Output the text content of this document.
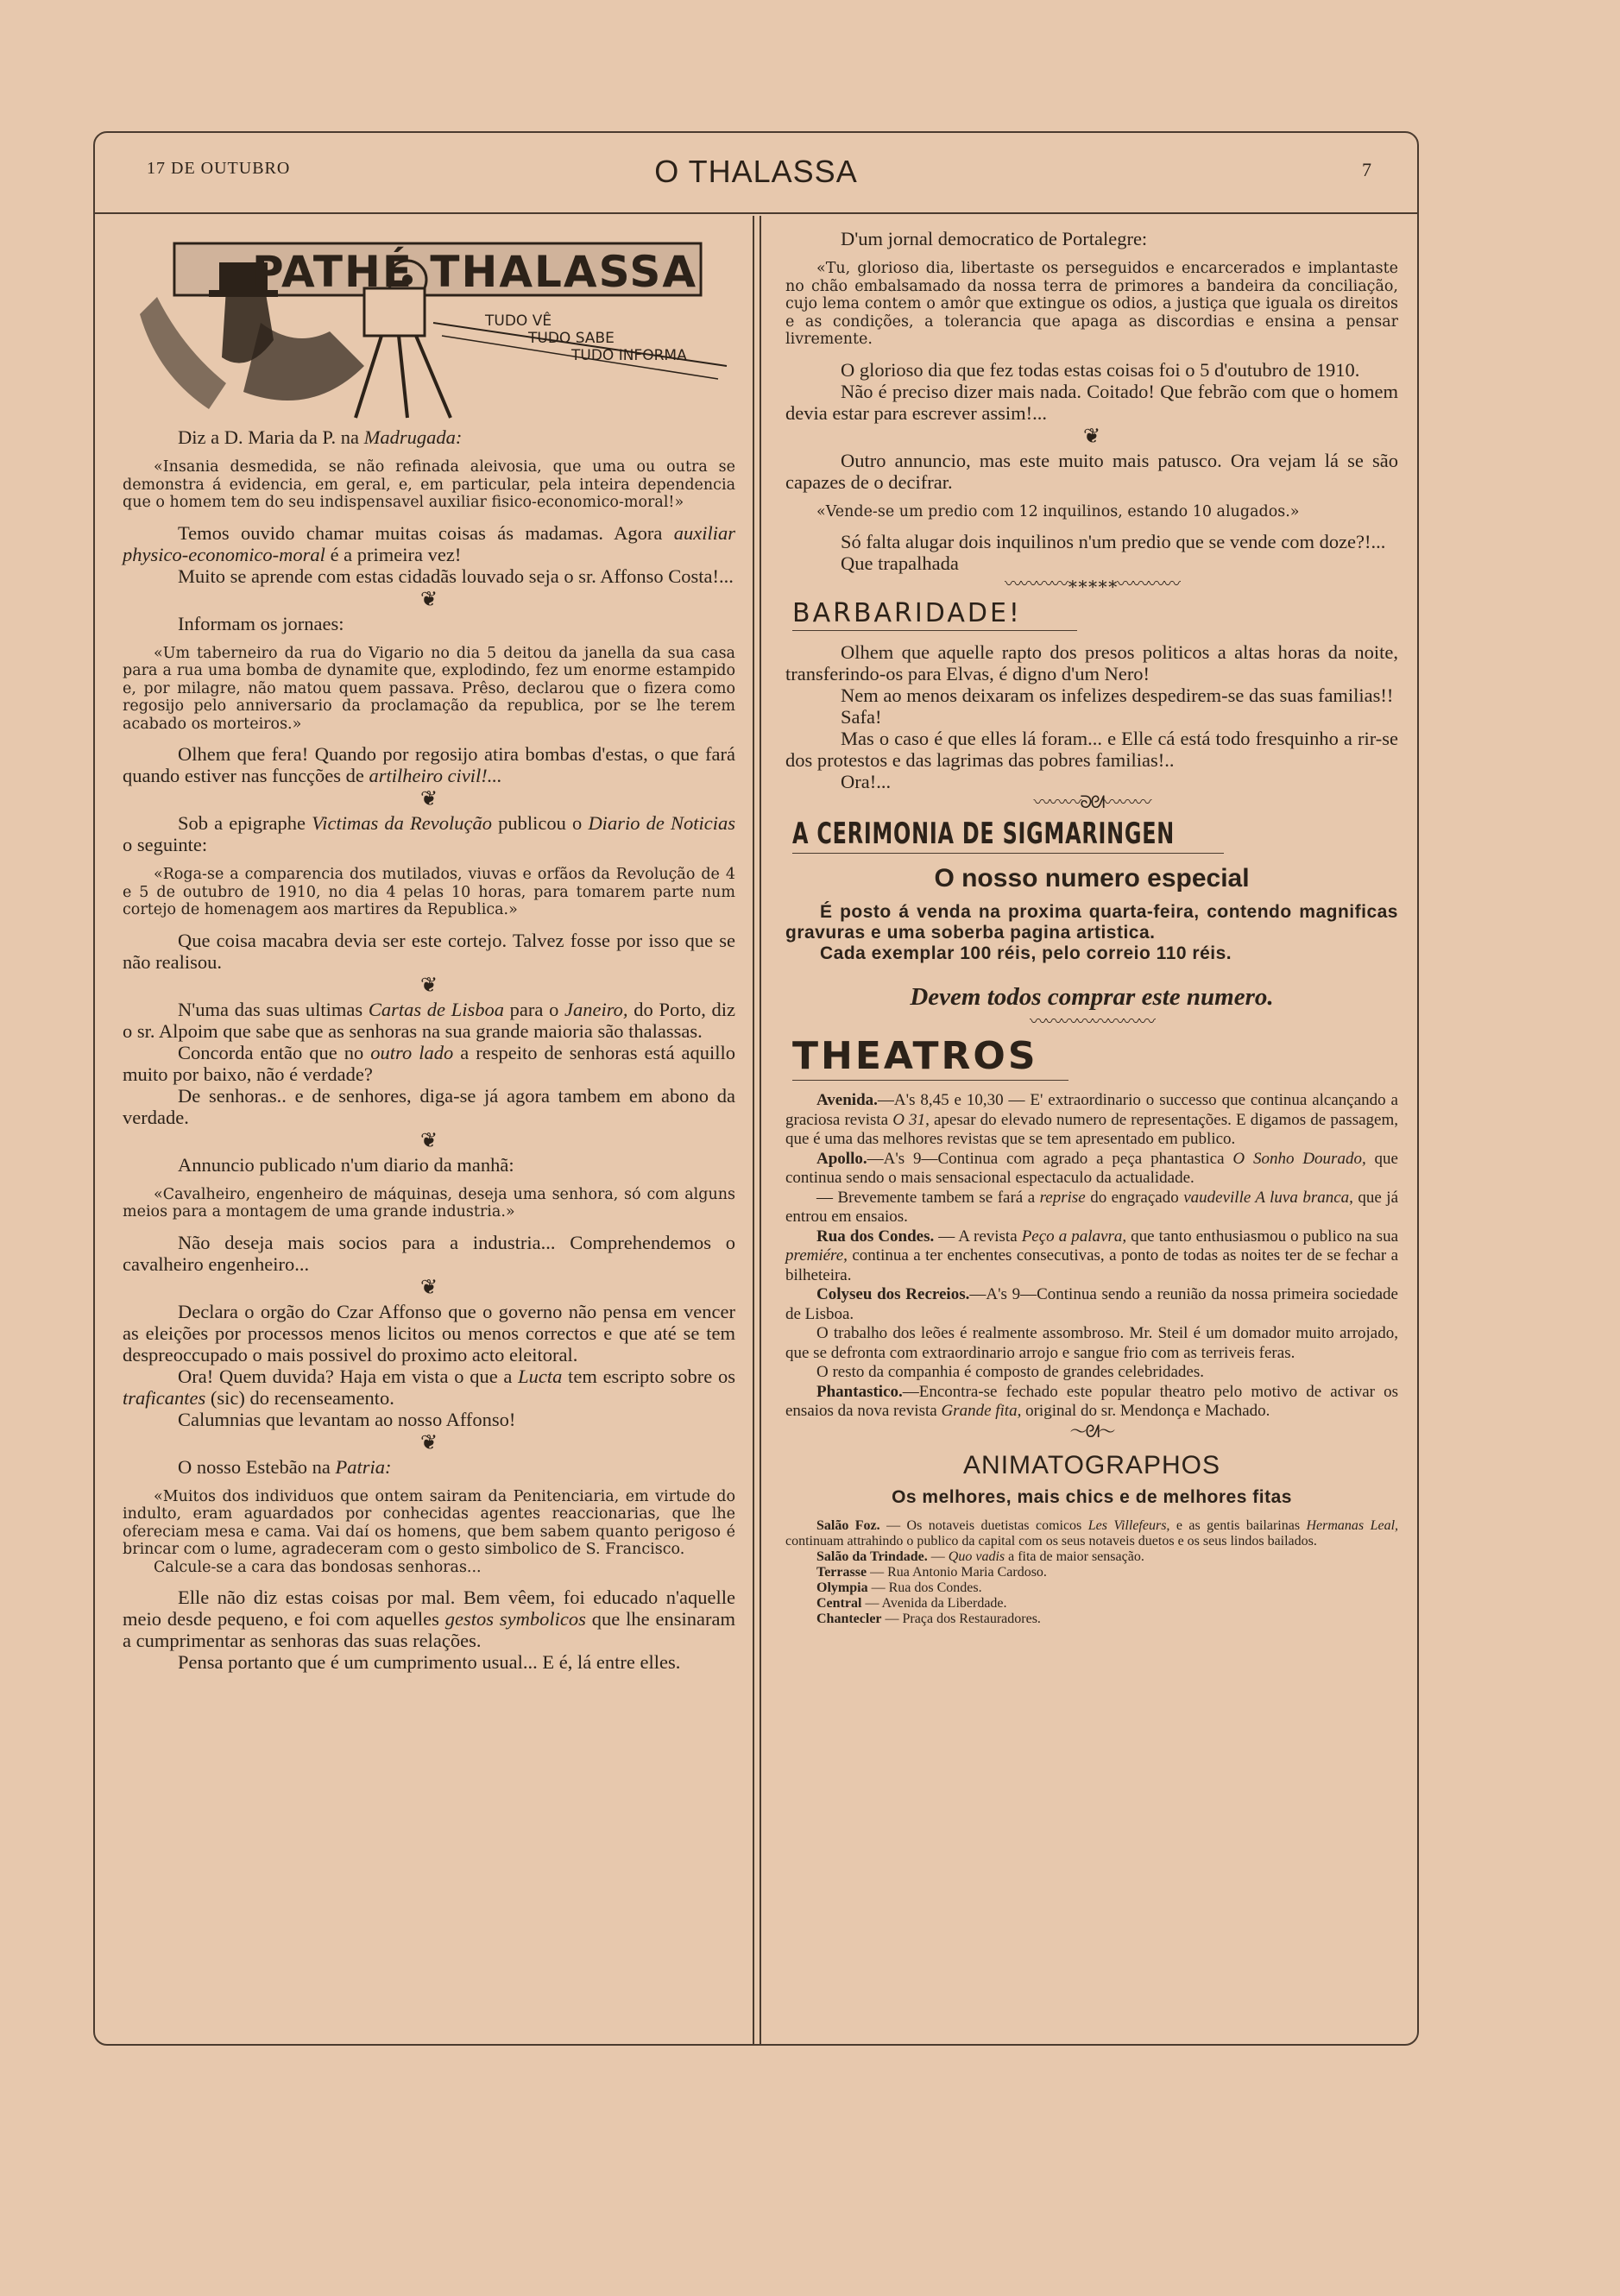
17 DE OUTUBRO	O THALASSA	7
PATHÉ THALASSA
TUDO VÊ
TUDO SABE
TUDO INFORMA

Diz a D. Maria da P. na Madrugada:

«Insania desmedida, se não refinada aleivosia, que uma ou outra se demonstra á evidencia, em geral, e, em particular, pela inteira dependencia que o homem tem do seu indispensavel auxiliar fisico-economico-moral!»

Temos ouvido chamar muitas coisas ás madamas. Agora auxiliar physico-economico-moral é a primeira vez!

Muito se aprende com estas cidadãs louvado seja o sr. Affonso Costa!...

❦

Informam os jornaes:

«Um taberneiro da rua do Vigario no dia 5 deitou da janella da sua casa para a rua uma bomba de dynamite que, explodindo, fez um enorme estampido e, por milagre, não matou quem passava. Prêso, declarou que o fizera como regosijo pelo anniversario da proclamação da republica, por se lhe terem acabado os morteiros.»

Olhem que fera! Quando por regosijo atira bombas d'estas, o que fará quando estiver nas funcções de artilheiro civil!...

❦

Sob a epigraphe Victimas da Revolução publicou o Diario de Noticias o seguinte:

«Roga-se a comparencia dos mutilados, viuvas e orfãos da Revolução de 4 e 5 de outubro de 1910, no dia 4 pelas 10 horas, para tomarem parte num cortejo de homenagem aos martires da Republica.»

Que coisa macabra devia ser este cortejo. Talvez fosse por isso que se não realisou.

❦

N'uma das suas ultimas Cartas de Lisboa para o Janeiro, do Porto, diz o sr. Alpoim que sabe que as senhoras na sua grande maioria são thalassas.

Concorda então que no outro lado a respeito de senhoras está aquillo muito por baixo, não é verdade?

De senhoras.. e de senhores, diga-se já agora tambem em abono da verdade.

❦

Annuncio publicado n'um diario da manhã:

«Cavalheiro, engenheiro de máquinas, deseja uma senhora, só com alguns meios para a montagem de uma grande industria.»

Não deseja mais socios para a industria... Comprehendemos o cavalheiro engenheiro...

❦

Declara o orgão do Czar Affonso que o governo não pensa em vencer as eleições por processos menos licitos ou menos correctos e que até se tem despreoccupado o mais possivel do proximo acto eleitoral.

Ora! Quem duvida? Haja em vista o que a Lucta tem escripto sobre os traficantes (sic) do recenseamento.

Calumnias que levantam ao nosso Affonso!

❦

O nosso Estebão na Patria:

«Muitos dos individuos que ontem sairam da Penitenciaria, em virtude do indulto, eram aguardados por conhecidas agentes reaccionarias, que lhe ofereciam mesa e cama. Vai daí os homens, que bem sabem quanto perigoso é brincar com o lume, agradeceram com o gesto simbolico de S. Francisco.

Calcule-se a cara das bondosas senhoras...

Elle não diz estas coisas por mal. Bem vêem, foi educado n'aquelle meio desde pequeno, e foi com aquelles gestos symbolicos que lhe ensinaram a cumprimentar as senhoras das suas relações.

Pensa portanto que é um cumprimento usual... E é, lá entre elles.

D'um jornal democratico de Portalegre:

«Tu, glorioso dia, libertaste os perseguidos e encarcerados e implantaste no chão embalsamado da nossa terra de primores a bandeira da conciliação, cujo lema contem o amôr que extingue os odios, a justiça que iguala os direitos e as condições, a tolerancia que apaga as discordias e ensina a pensar livremente.

O glorioso dia que fez todas estas coisas foi o 5 d'outubro de 1910.

Não é preciso dizer mais nada. Coitado! Que febrão com que o homem devia estar para escrever assim!...

❦

Outro annuncio, mas este muito mais patusco. Ora vejam lá se são capazes de o decifrar.

«Vende-se um predio com 12 inquilinos, estando 10 alugados.»

Só falta alugar dois inquilinos n'um predio que se vende com doze?!...

Que trapalhada

〰〰〰〰∗∗∗∗∗〰〰〰〰
BARBARIDADE!

Olhem que aquelle rapto dos presos politicos a altas horas da noite, transferindo-os para Elvas, é digno d'um Nero!

Nem ao menos deixaram os infelizes despedirem-se das suas familias!!

Safa!

Mas o caso é que elles lá foram... e Elle cá está todo fresquinho a rir-se dos protestos e das lagrimas das pobres familias!..

Ora!...

〰〰〰ᘐᘛ〰〰〰
A CERIMONIA DE SIGMARINGEN
O nosso numero especial

É posto á venda na proxima quarta-feira, contendo magnificas gravuras e uma soberba pagina artistica.

Cada exemplar 100 réis, pelo correio 110 réis.

Devem todos comprar este numero.

〰〰〰〰〰〰〰〰
THEATROS

Avenida.—A's 8,45 e 10,30 — E' extraordinario o successo que continua alcançando a graciosa revista O 31, apesar do elevado numero de representações. E digamos de passagem, que é uma das melhores revistas que se tem apresentado em publico.

Apollo.—A's 9—Continua com agrado a peça phantastica O Sonho Dourado, que continua sendo o mais sensacional espectaculo da actualidade.

— Brevemente tambem se fará a reprise do engraçado vaudeville A luva branca, que já entrou em ensaios.

Rua dos Condes. — A revista Peço a palavra, que tanto enthusiasmou o publico na sua premiére, continua a ter enchentes consecutivas, a ponto de todas as noites ter de se fechar a bilheteira.

Colyseu dos Recreios.—A's 9—Continua sendo a reunião da nossa primeira sociedade de Lisboa.

O trabalho dos leões é realmente assombroso. Mr. Steil é um domador muito arrojado, que se defronta com extraordinario arrojo e sangue frio com as terriveis feras.

O resto da companhia é composto de grandes celebridades.

Phantastico.—Encontra-se fechado este popular theatro pelo motivo de activar os ensaios da nova revista Grande fita, original do sr. Mendonça e Machado.

〜ᘛ〜
ANIMATOGRAPHOS
Os melhores, mais chics e de melhores fitas

Salão Foz. — Os notaveis duetistas comicos Les Villefeurs, e as gentis bailarinas Hermanas Leal, continuam attrahindo o publico da capital com os seus notaveis duetos e os seus lindos bailados.

Salão da Trindade. — Quo vadis a fita de maior sensação.

Terrasse — Rua Antonio Maria Cardoso.

Olympia — Rua dos Condes.

Central — Avenida da Liberdade.

Chantecler — Praça dos Restauradores.
